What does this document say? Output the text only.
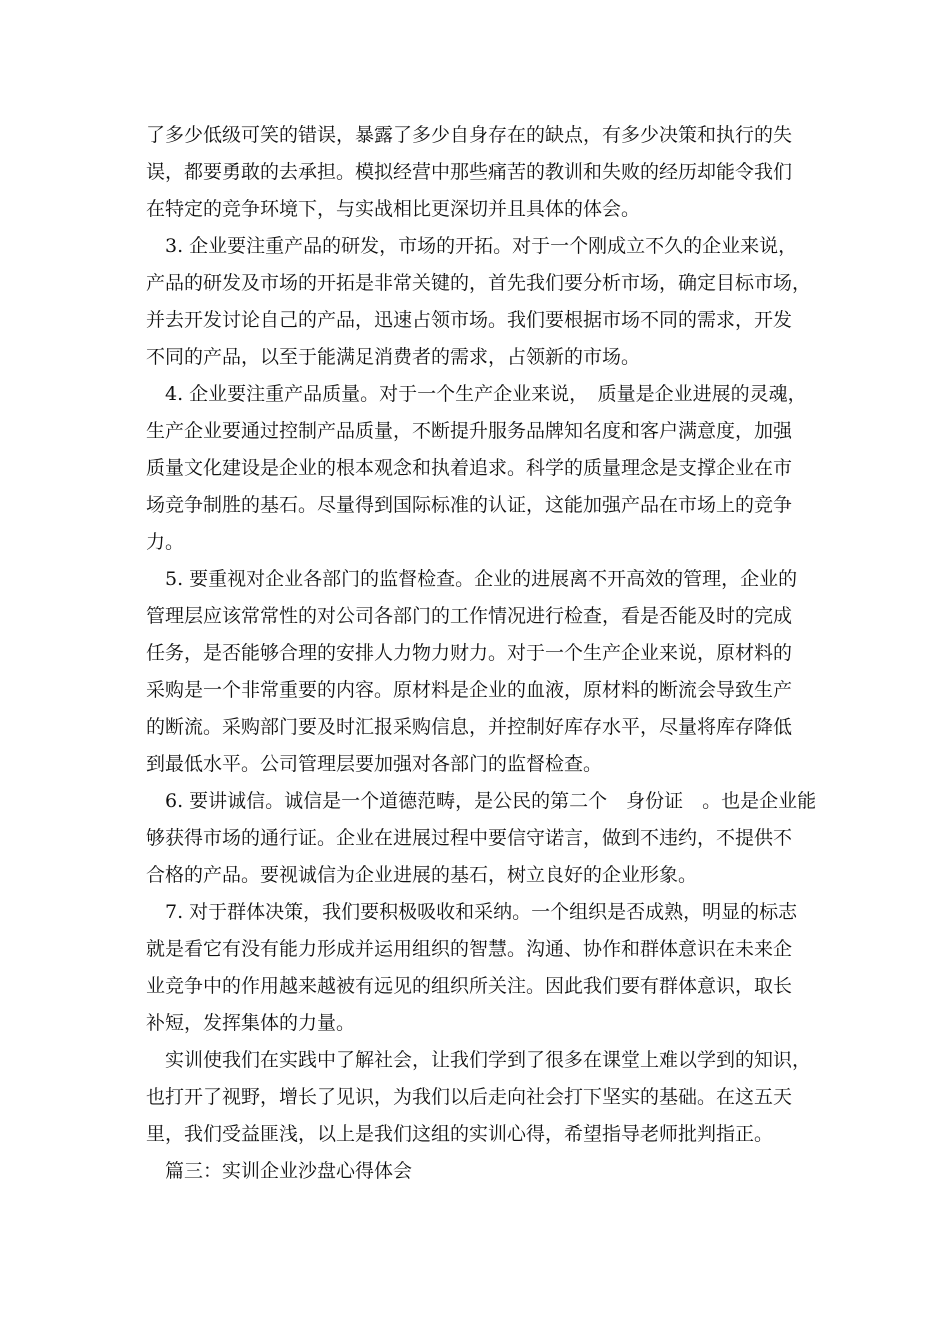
了多少低级可笑的错误，暴露了多少自身存在的缺点，有多少决策和执行的失
误，都要勇敢的去承担。模拟经营中那些痛苦的教训和失败的经历却能令我们
在特定的竞争环境下，与实战相比更深切并且具体的体会。
　3. 企业要注重产品的研发，市场的开拓。对于一个刚成立不久的企业来说，
产品的研发及市场的开拓是非常关键的，首先我们要分析市场，确定目标市场，
并去开发讨论自己的产品，迅速占领市场。我们要根据市场不同的需求，开发
不同的产品，以至于能满足消费者的需求，占领新的市场。
　4. 企业要注重产品质量。对于一个生产企业来说，　质量是企业进展的灵魂，
生产企业要通过控制产品质量，不断提升服务品牌知名度和客户满意度，加强
质量文化建设是企业的根本观念和执着追求。科学的质量理念是支撑企业在市
场竞争制胜的基石。尽量得到国际标准的认证，这能加强产品在市场上的竞争
力。
　5. 要重视对企业各部门的监督检查。企业的进展离不开高效的管理，企业的
管理层应该常常性的对公司各部门的工作情况进行检查，看是否能及时的完成
任务，是否能够合理的安排人力物力财力。对于一个生产企业来说，原材料的
采购是一个非常重要的内容。原材料是企业的血液，原材料的断流会导致生产
的断流。采购部门要及时汇报采购信息，并控制好库存水平，尽量将库存降低
到最低水平。公司管理层要加强对各部门的监督检查。
　6. 要讲诚信。诚信是一个道德范畴，是公民的第二个　身份证　。也是企业能
够获得市场的通行证。企业在进展过程中要信守诺言，做到不违约，不提供不
合格的产品。要视诚信为企业进展的基石，树立良好的企业形象。
　7. 对于群体决策，我们要积极吸收和采纳。一个组织是否成熟，明显的标志
就是看它有没有能力形成并运用组织的智慧。沟通、协作和群体意识在未来企
业竞争中的作用越来越被有远见的组织所关注。因此我们要有群体意识，取长
补短，发挥集体的力量。
　实训使我们在实践中了解社会，让我们学到了很多在课堂上难以学到的知识，
也打开了视野，增长了见识，为我们以后走向社会打下坚实的基础。在这五天
里，我们受益匪浅，以上是我们这组的实训心得，希望指导老师批判指正。
　篇三：实训企业沙盘心得体会
